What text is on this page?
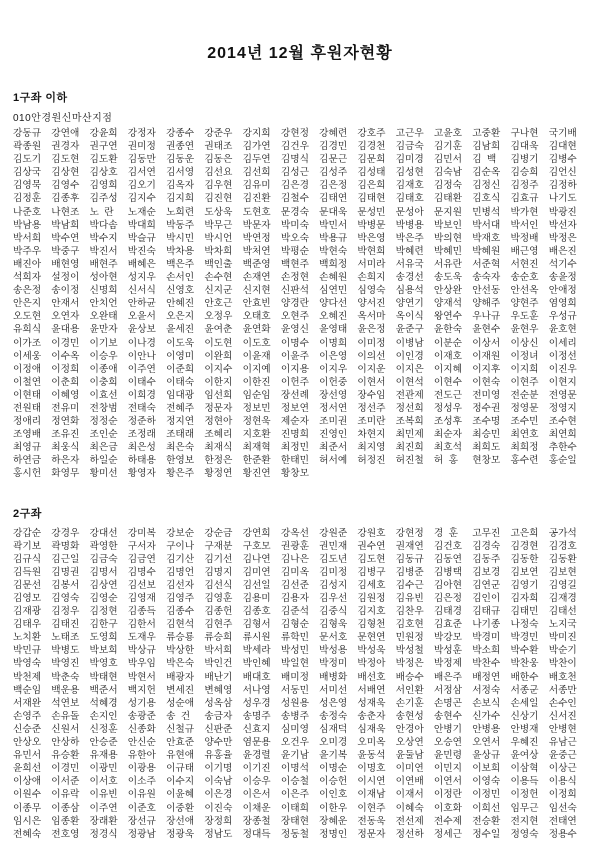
2014년 12월 후원자현황
1구좌 이하
010안경원신마산지점
강동규	강연애	강윤희	강정자	강종수	강준우	강지희	강현정	강혜련	강호주	고근우	고윤호	고중환	구나현	국기배
곽종원	권경자	권구연	권미정	권종연	권태조	김가연	김건우	김경민	김경천	김금숙	김기훈	김남희	김대욱	김대현
김도기	김도현	김도환	김동만	김동운	김동은	김두연	김명식	김문근	김문희	김미경	김민서	김  백	김병기	김병수
김상국	김상현	김상호	김서연	김서영	김선요	김선희	김성근	김성주	김성태	김성현	김숙남	김순옥	김승희	김언신
김영묵	김영수	김영희	김오기	김옥자	김우현	김유미	김은경	김은정	김은희	김재호	김정숙	김정신	김정주	김정하
김정훈	김종후	김주성	김지수	김지희	김진현	김진환	김철수	김태연	김태현	김태호	김태환	김호식	김효규	나기도
나준호	나현조	노  란	노재순	노희련	도상욱	도현호	문경숙	문대욱	문성민	문성아	문지원	민병석	박가현	박광진
박남용	박남희	박다솜	박대희	박동주	박무근	박문자	박미숙	박민서	박병문	박병용	박보인	박서대	박서인	박선자
박서희	박수연	박수지	박슬규	박시민	박시언	박연정	박오숙	박용규	박은영	박은주	박의현	박재호	박정배	박정은
박주우	박중구	박진서	박진숙	박차용	박차희	박처연	박평순	박현숙	박현희	박혜련	박혜민	박혜원	배근영	배은진
배진아	배현영	배현주	배혜은	백은주	백인출	백준영	백현주	백희정	서미라	서유국	서유란	서준혁	서현진	석기수
석희자	설정이	성아현	성지우	손서인	손수현	손재연	손정현	손혜원	손희지	송경선	송도욱	송숙자	송순호	송윤정
송은정	송이정	신명희	신서식	신영호	신지군	신지현	신판석	심연민	심영숙	심용석	안상완	안선동	안선옥	안애정
안은지	안재서	안치언	안하균	안혜진	안호근	안효빈	양경란	양다선	양서진	양연기	양재석	양해주	양현주	염영희
오도현	오연자	오완태	오윤서	오은지	오정우	오태호	오현주	오혜진	옥서마	옥이식	왕연수	우나규	우도훈	우성규
유희식	윤대용	윤만자	윤상보	윤세진	윤여춘	윤연화	윤영신	윤영태	윤은정	윤준구	윤한숙	윤현수	윤현우	윤호현
이가조	이경민	이기보	이나경	이도욱	이도현	이도호	이명수	이명희	이미정	이병남	이분순	이상서	이상신	이세리
이세웅	이수옥	이승우	이안나	이영미	이완희	이윤재	이윤주	이은영	이의선	이인경	이재호	이재원	이정녀	이정선
이정애	이정희	이종애	이주연	이준희	이지수	이지예	이지용	이지우	이지운	이지은	이지혜	이지후	이지희	이진우
이철연	이춘희	이충희	이태수	이태숙	이한지	이한진	이헌주	이헌중	이현서	이현석	이현수	이현숙	이현주	이현지
이현태	이혜영	이효선	이희경	임대광	임선희	임순임	장선례	장선영	장수임	전관제	전도근	전미영	전순분	전영문
전원태	전유미	전창범	전태숙	전혜주	정문자	정보민	정보연	정서연	정선주	정선희	정성우	정수권	정영문	정영지
정애리	정연화	정정순	정준하	정지연	정현아	정현욱	제순자	조미권	조미란	조복희	조성후	조수명	조수민	조수현
조영배	조유진	조인순	조정래	조태래	조혜리	지호환	진명희	진영인	차현지	최민제	최순자	최승민	최연호	최연희
최영규	최웅식	최은금	최은성	최은숙	최재식	최재혁	최정민	최준서	최지영	최진희	최호석	최희도	최희정	추한수
하연금	하은자	하일순	하태용	한영보	한정은	한준환	한태민	허서예	허정진	허진철	허  홍	현창모	홍수련	홍순일
홍시헌	화영무	황미선	황영자	황은주	황정연	황진연	황창모
2구좌
강갑순	강경우	강대선	강미복	강보순	강순금	강연희	강옥선	강원준	강원호	강현정	경  훈	고무진	고은희	공가석
곽기보	곽명화	곽영한	구서자	구이나	구재분	구호모	권광훈	권민재	권수연	권재연	김건호	김경숙	김경현	김경호
김규식	김근일	김금숙	김금연	김기산	김기선	김나연	김나은	김도년	김도현	김동규	김동연	김동주	김동한	김동환
김득원	김명권	김명서	김명수	김명언	김명지	김미연	김미옥	김미정	김병구	김병준	김병택	김보경	김보연	김보현
김문선	김봉서	김상연	김선보	김선자	김선식	김선일	김선준	김성지	김세호	김수근	김아현	김연군	김영기	김영길
김영모	김영숙	김영순	김영재	김영주	김영훈	김용미	김용자	김우선	김원정	김유빈	김은정	김인이	김자희	김재경
김재광	김정우	김정현	김종득	김종수	김종헌	김종호	김준석	김중식	김지호	김찬우	김태경	김태규	김태민	김태선
김태우	김태진	김한구	김한서	김현석	김현주	김형서	김형순	김형욱	김형천	김호현	김효준	나기종	나정숙	노지국
노치환	노태조	도영희	도재우	류승룡	류승희	류시원	류학민	문서호	문현연	민원정	박강모	박경미	박경민	박미진
박민규	박병도	박보희	박상규	박상한	박서희	박세라	박성민	박성용	박성욱	박성철	박성훈	박소희	박수환	박순기
박영숙	박영진	박영호	박우임	박은숙	박인건	박인혜	박일현	박정미	박정아	박정은	박정제	박찬수	박찬웅	박찬이
박천제	박춘숙	박태현	박현서	배광자	배난기	배대호	배미정	배병화	배선호	배승수	배은주	배정연	배한수	배호천
백순임	백운용	백준서	백지헌	변세진	변혜영	서나영	서동민	서미선	서배연	서인환	서정삼	서정숙	서종군	서종만
서재완	석연보	석혜경	성기용	성순애	성옥삼	성우경	성원용	성은영	성재욱	손기훈	손명곤	손보식	손세일	손수인
손영주	손유돌	손지인	송광준	송  건	송금자	송명주	송병주	송정숙	송춘자	송현성	송현수	신가수	신상기	신서진
신승준	신원서	신정훈	신종화	신철규	신판준	신효지	심미영	심재덕	심재욱	안경아	안병기	안병용	안병재	안병현
안상오	안상하	안승준	안신순	안효준	양수만	염문용	오건우	오미경	오미옥	오상연	오승연	오연서	우혜진	유남근
유민서	유승환	유재용	유한아	유현애	유홍율	윤경렬	윤기남	윤기복	윤동석	윤둘남	윤민령	윤상규	윤여상	윤중근
윤희선	이경민	이광민	이광용	이규태	이기명	이기진	이명석	이명순	이명호	이미연	이민지	이보희	이삼혁	이상근
이상애	이서준	이서호	이소주	이수지	이숙남	이승우	이승철	이승헌	이시연	이연배	이연서	이영숙	이용득	이용식
이원수	이유락	이유빈	이유원	이윤혜	이은경	이은서	이은주	이인호	이재남	이재서	이정란	이정민	이정헌	이정희
이종무	이종삼	이주연	이준호	이중환	이진숙	이채운	이태희	이한우	이현주	이혜숙	이호화	이희선	임무근	임선숙
임시은	임종환	장래환	장선규	장선애	장정희	장종철	장태현	장혜운	전동욱	전선제	전수제	전승환	전지현	전태연
전혜숙	전호영	정경식	정광남	정광욱	정남도	정대득	정동철	정명인	정문자	정선하	정세근	정수일	정영숙	정용수
